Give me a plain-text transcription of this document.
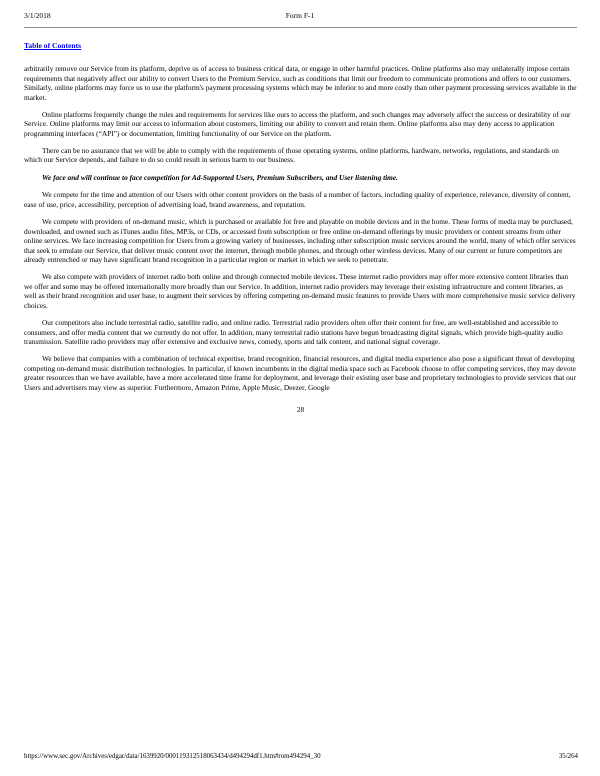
3/1/2018	Form F-1
Table of Contents

arbitrarily remove our Service from its platform, deprive us of access to business critical data, or engage in other harmful practices. Online platforms also may unilaterally impose certain requirements that negatively affect our ability to convert Users to the Premium Service, such as conditions that limit our freedom to communicate promotions and offers to our customers. Similarly, online platforms may force us to use the platform's payment processing systems which may be inferior to and more costly than other payment processing services available in the market.

Online platforms frequently change the rules and requirements for services like ours to access the platform, and such changes may adversely affect the success or desirability of our Service. Online platforms may limit our access to information about customers, limiting our ability to convert and retain them. Online platforms also may deny access to application programming interfaces (“API”) or documentation, limiting functionality of our Service on the platform.

There can be no assurance that we will be able to comply with the requirements of those operating systems, online platforms, hardware, networks, regulations, and standards on which our Service depends, and failure to do so could result in serious harm to our business.

We face and will continue to face competition for Ad-Supported Users, Premium Subscribers, and User listening time.

We compete for the time and attention of our Users with other content providers on the basis of a number of factors, including quality of experience, relevance, diversity of content, ease of use, price, accessibility, perception of advertising load, brand awareness, and reputation.

We compete with providers of on-demand music, which is purchased or available for free and playable on mobile devices and in the home. These forms of media may be purchased, downloaded, and owned such as iTunes audio files, MP3s, or CDs, or accessed from subscription or free online on-demand offerings by music providers or content streams from other online services. We face increasing competition for Users from a growing variety of businesses, including other subscription music services around the world, many of which offer services that seek to emulate our Service, that deliver music content over the internet, through mobile phones, and through other wireless devices. Many of our current or future competitors are already entrenched or may have significant brand recognition in a particular region or market in which we seek to penetrate.

We also compete with providers of internet radio both online and through connected mobile devices. These internet radio providers may offer more extensive content libraries than we offer and some may be offered internationally more broadly than our Service. In addition, internet radio providers may leverage their existing infrastructure and content libraries, as well as their brand recognition and user base, to augment their services by offering competing on-demand music features to provide Users with more comprehensive music service delivery choices.

Our competitors also include terrestrial radio, satellite radio, and online radio. Terrestrial radio providers often offer their content for free, are well-established and accessible to consumers, and offer media content that we currently do not offer. In addition, many terrestrial radio stations have begun broadcasting digital signals, which provide high-quality audio transmission. Satellite radio providers may offer extensive and exclusive news, comedy, sports and talk content, and national signal coverage.

We believe that companies with a combination of technical expertise, brand recognition, financial resources, and digital media experience also pose a significant threat of developing competing on-demand music distribution technologies. In particular, if known incumbents in the digital media space such as Facebook choose to offer competing services, they may devote greater resources than we have available, have a more accelerated time frame for deployment, and leverage their existing user base and proprietary technologies to provide services that our Users and advertisers may view as superior. Furthermore, Amazon Prime, Apple Music, Deezer, Google

28
https://www.sec.gov/Archives/edgar/data/1639920/000119312518063434/d494294df1.htm#rom494294_30	35/264
